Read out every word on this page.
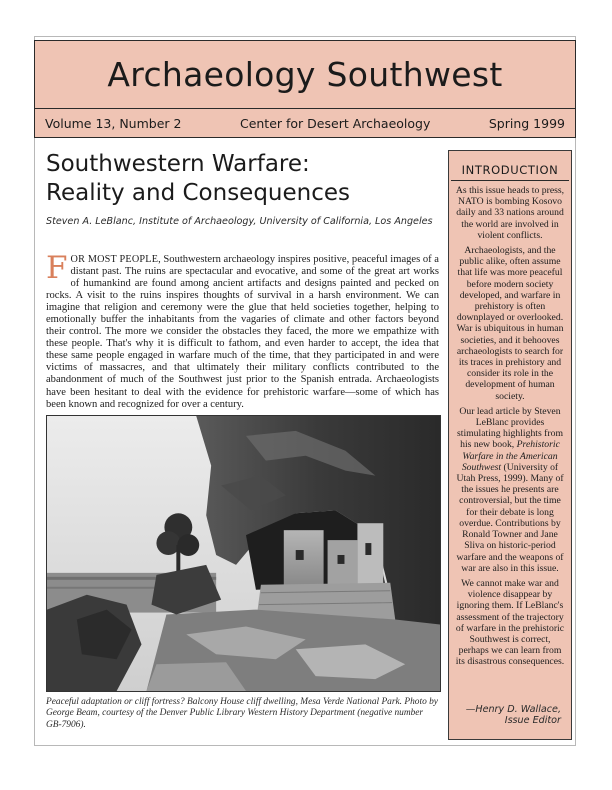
Archaeology Southwest
Volume 13, Number 2	Center for Desert Archaeology	Spring 1999
Southwestern Warfare:
Reality and Consequences
Steven A. LeBlanc, Institute of Archaeology, University of California, Los Angeles
FOR MOST PEOPLE, Southwestern archaeology inspires positive, peaceful images of a distant past. The ruins are spectacular and evocative, and some of the great art works of humankind are found among ancient artifacts and designs painted and pecked on rocks. A visit to the ruins inspires thoughts of survival in a harsh environment. We can imagine that religion and ceremony were the glue that held societies together, helping to emotionally buffer the inhabitants from the vagaries of climate and other factors beyond their control. The more we consider the obstacles they faced, the more we empathize with these people. That's why it is difficult to fathom, and even harder to accept, the idea that these same people engaged in warfare much of the time, that they participated in and were victims of massacres, and that ultimately their military conflicts contributed to the abandonment of much of the Southwest just prior to the Spanish entrada. Archaeologists have been hesitant to deal with the evidence for prehistoric warfare—some of which has been known and recognized for over a century.
Peaceful adaptation or cliff fortress? Balcony House cliff dwelling, Mesa Verde National Park. Photo by George Beam, courtesy of the Denver Public Library Western History Department (negative number GB-7906).
INTRODUCTION

As this issue heads to press, NATO is bombing Kosovo daily and 33 nations around the world are involved in violent conflicts.

Archaeologists, and the public alike, often assume that life was more peaceful before modern society developed, and warfare in prehistory is often downplayed or overlooked. War is ubiquitous in human societies, and it behooves archaeologists to search for its traces in prehistory and consider its role in the development of human society.

Our lead article by Steven LeBlanc provides stimulating highlights from his new book, Prehistoric Warfare in the American Southwest (University of Utah Press, 1999). Many of the issues he presents are controversial, but the time for their debate is long overdue. Contributions by Ronald Towner and Jane Sliva on historic-period warfare and the weapons of war are also in this issue.

We cannot make war and violence disappear by ignoring them. If LeBlanc's assessment of the trajectory of warfare in the prehistoric Southwest is correct, perhaps we can learn from its disastrous consequences.

—Henry D. Wallace,
Issue Editor
